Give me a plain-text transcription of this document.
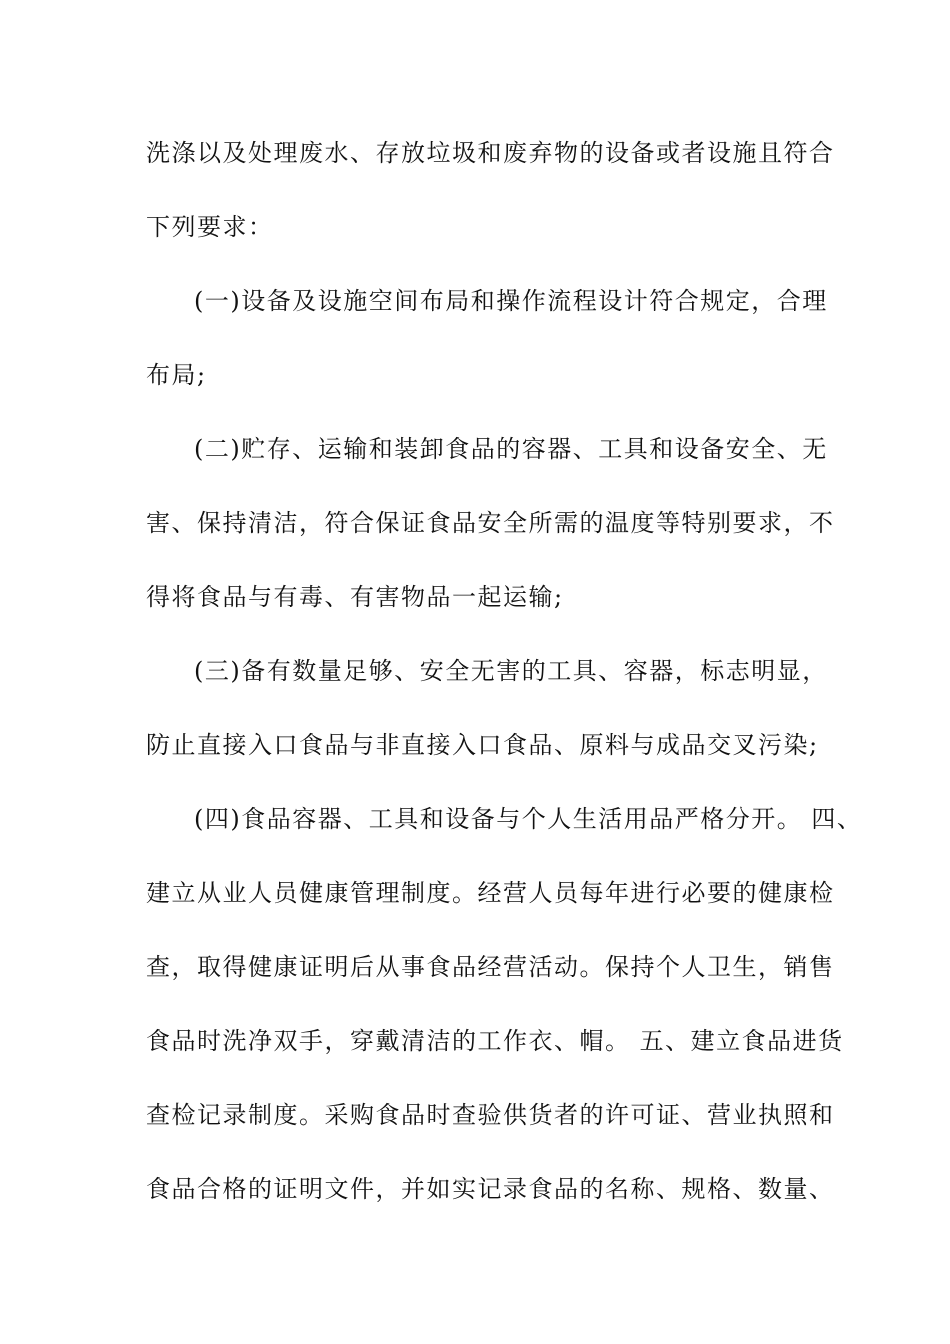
洗涤以及处理废水、存放垃圾和废弃物的设备或者设施且符合

下列要求：

(一)设备及设施空间布局和操作流程设计符合规定，合理

布局;

(二)贮存、运输和装卸食品的容器、工具和设备安全、无

害、保持清洁，符合保证食品安全所需的温度等特别要求，不

得将食品与有毒、有害物品一起运输;

(三)备有数量足够、安全无害的工具、容器，标志明显，

防止直接入口食品与非直接入口食品、原料与成品交叉污染;

(四)食品容器、工具和设备与个人生活用品严格分开。 四、

建立从业人员健康管理制度。经营人员每年进行必要的健康检

查，取得健康证明后从事食品经营活动。保持个人卫生，销售

食品时洗净双手，穿戴清洁的工作衣、帽。 五、建立食品进货

查检记录制度。采购食品时查验供货者的许可证、营业执照和

食品合格的证明文件，并如实记录食品的名称、规格、数量、
